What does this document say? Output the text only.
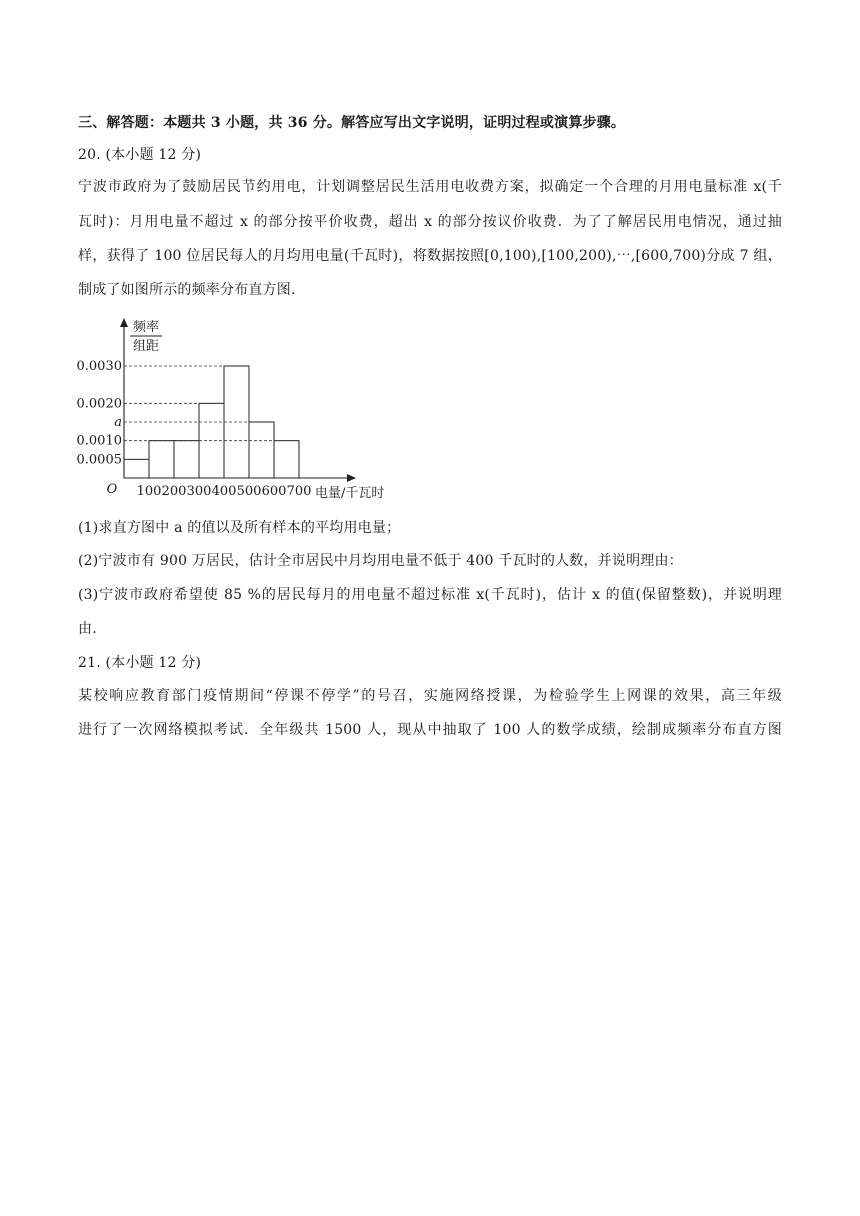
三、解答题：本题共 3 小题，共 36 分。解答应写出文字说明，证明过程或演算步骤。
20. (本小题 12 分)
宁波市政府为了鼓励居民节约用电，计划调整居民生活用电收费方案，拟确定一个合理的月用电量标准 x(千
瓦时)：月用电量不超过 x 的部分按平价收费，超出 x 的部分按议价收费．为了了解居民用电情况，通过抽
样，获得了 100 位居民每人的月均用电量(千瓦时)，将数据按照[0,100),[100,200),⋯,[600,700)分成 7 组，
制成了如图所示的频率分布直方图.
0.0005
0.0010
a
0.0020
0.0030
100 200 300 400 500 600 700
O	电量/千瓦时
频率
组距
(1)求直方图中 a 的值以及所有样本的平均用电量；
(2)宁波市有 900 万居民，估计全市居民中月均用电量不低于 400 千瓦时的人数，并说明理由：
(3)宁波市政府希望使 85 %的居民每月的用电量不超过标准 x(千瓦时)，估计 x 的值(保留整数)，并说明理
由.
21. (本小题 12 分)
某校响应教育部门疫情期间“停课不停学”的号召，实施网络授课，为检验学生上网课的效果，高三年级
进行了一次网络模拟考试．全年级共 1500 人，现从中抽取了 100 人的数学成绩，绘制成频率分布直方图
